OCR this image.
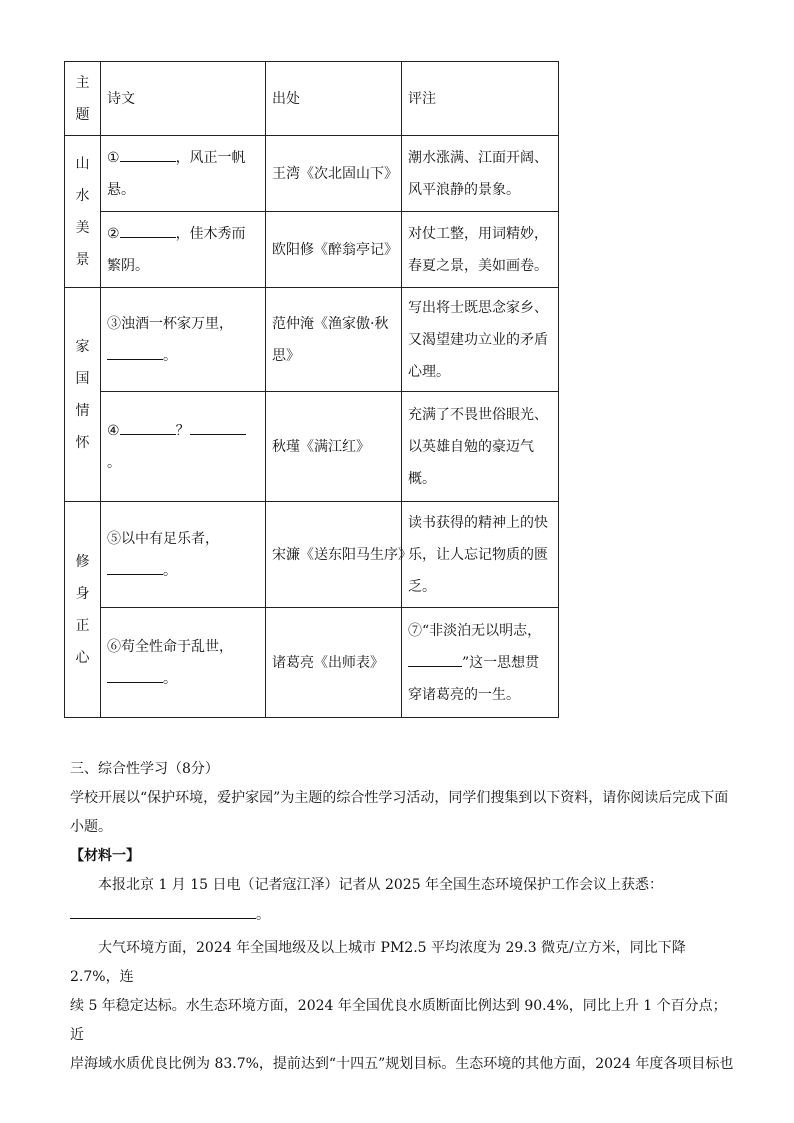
主
题	诗文	出处	评注

山
水
美
景	① ，风正一帆
悬。	王湾《次北固山下》	潮水涨满、江面开阔、
风平浪静的景象。
	② ，佳木秀而
繁阴。	欧阳修《醉翁亭记》	对仗工整，用词精妙，
春夏之景，美如画卷。

家
国
情
怀	③浊酒一杯家万里，
。	范仲淹《渔家傲·秋
思》	写出将士既思念家乡、
又渴望建功立业的矛盾
心理。
	④ ？。	秋瑾《满江红》	充满了不畏世俗眼光、
以英雄自勉的豪迈气
概。

修
身
正
心	⑤以中有足乐者，
。	宋濂《送东阳马生序》	读书获得的精神上的快
乐，让人忘记物质的匮
乏。
	⑥苟全性命于乱世，
。	诸葛亮《出师表》	⑦“非淡泊无以明志，
”这一思想贯
穿诸葛亮的一生。

三、综合性学习（8分）

学校开展以“保护环境，爱护家园”为主题的综合性学习活动，同学们搜集到以下资料，请你阅读后完成下面

小题。

【材料一】

本报北京 1 月 15 日电（记者寇江泽）记者从 2025 年全国生态环境保护工作会议上获悉：

。

大气环境方面，2024 年全国地级及以上城市 PM2.5 平均浓度为 29.3 微克/立方米，同比下降 2.7%，连

续 5 年稳定达标。水生态环境方面，2024 年全国优良水质断面比例达到 90.4%，同比上升 1 个百分点；近

岸海域水质优良比例为 83.7%，提前达到“十四五”规划目标。生态环境的其他方面，2024 年度各项目标也
